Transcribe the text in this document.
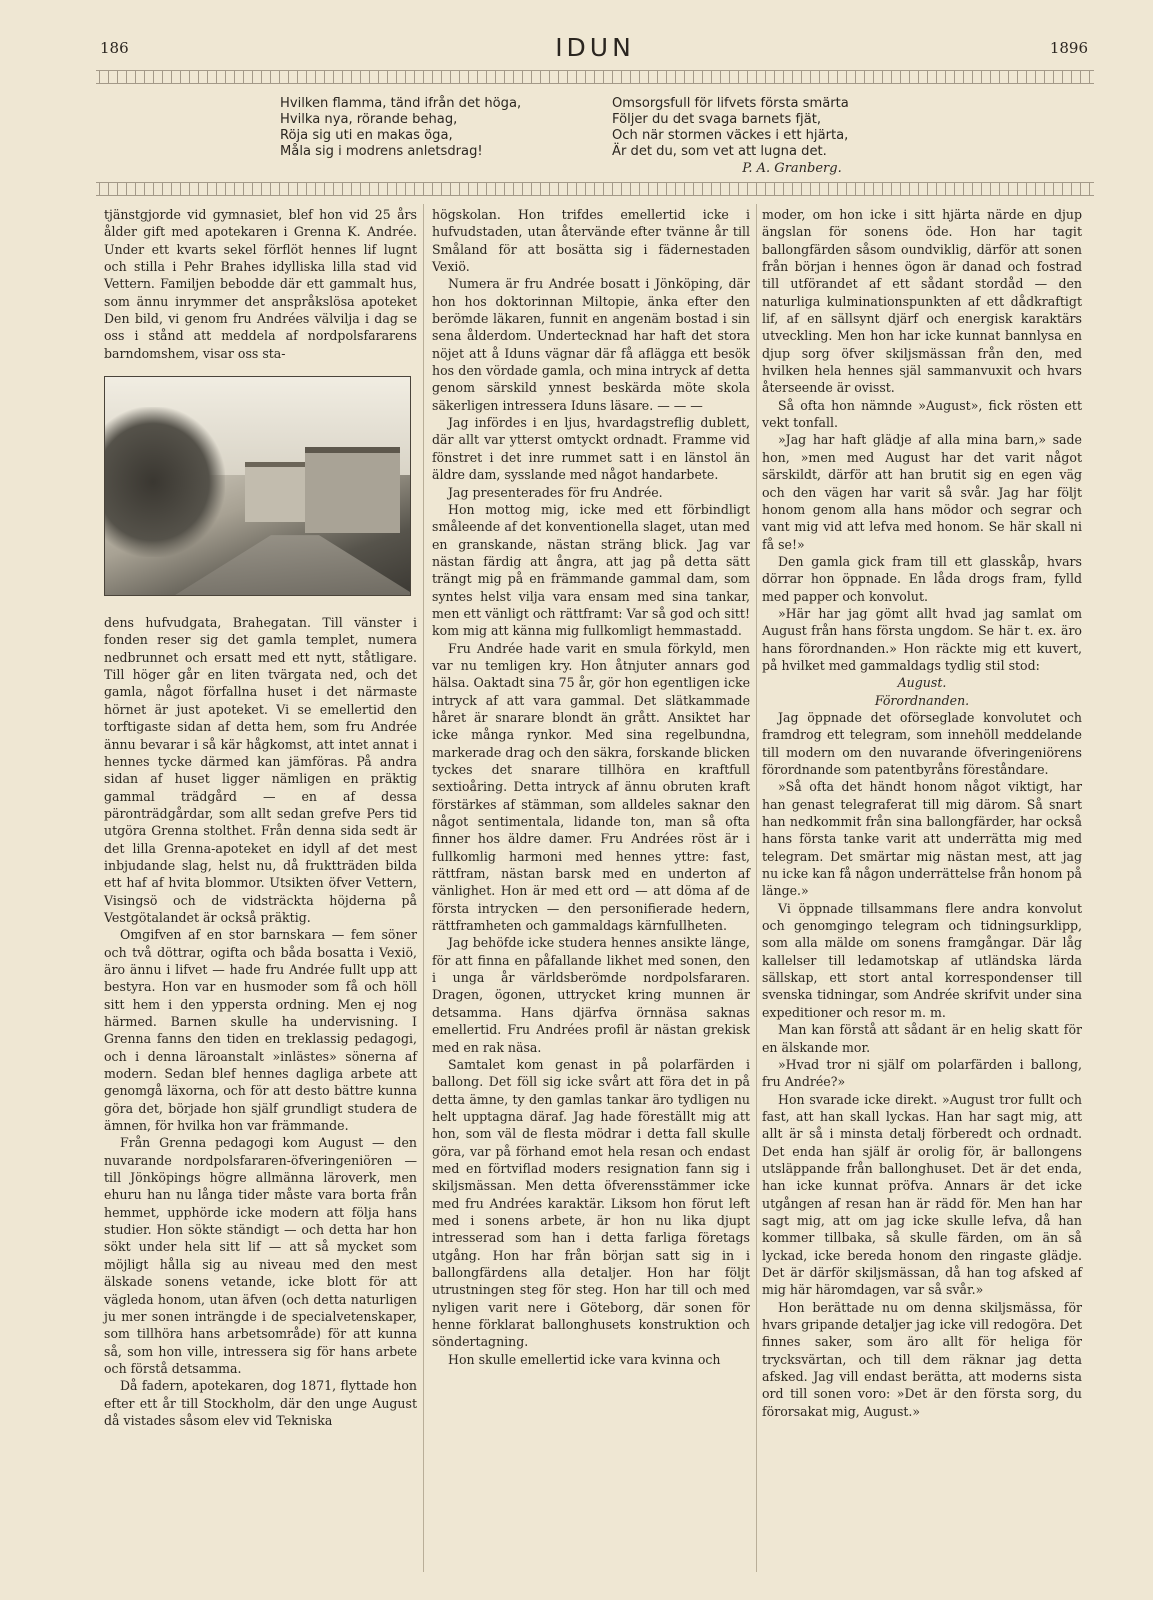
186	IDUN	1896
Hvilken flamma, tänd ifrån det höga,
Hvilka nya, rörande behag,
Röja sig uti en makas öga,
Måla sig i modrens anletsdrag!
Omsorgsfull för lifvets första smärta
Följer du det svaga barnets fjät,
Och när stormen väckes i ett hjärta,
Är det du, som vet att lugna det.
P. A. Granberg.

tjänstgjorde vid gymnasiet, blef hon vid 25 års ålder gift med apotekaren i Grenna K. Andrée. Under ett kvarts sekel förflöt hennes lif lugnt och stilla i Pehr Brahes idylliska lilla stad vid Vettern. Familjen bebodde där ett gammalt hus, som ännu inrymmer det anspråkslösa apoteket Den bild, vi genom fru Andrées välvilja i dag se oss i stånd att meddela af nordpolsfararens barndomshem, visar oss sta-

dens hufvudgata, Brahegatan. Till vänster i fonden reser sig det gamla templet, numera nedbrunnet och ersatt med ett nytt, ståtligare. Till höger går en liten tvärgata ned, och det gamla, något förfallna huset i det närmaste hörnet är just apoteket. Vi se emellertid den torftigaste sidan af detta hem, som fru Andrée ännu bevarar i så kär hågkomst, att intet annat i hennes tycke därmed kan jämföras. På andra sidan af huset ligger nämligen en präktig gammal trädgård — en af dessa päronträdgårdar, som allt sedan grefve Pers tid utgöra Grenna stolthet. Från denna sida sedt är det lilla Grenna-apoteket en idyll af det mest inbjudande slag, helst nu, då fruktträden bilda ett haf af hvita blommor. Utsikten öfver Vettern, Visingsö och de vidsträckta höjderna på Vestgötalandet är också präktig.

Omgifven af en stor barnskara — fem söner och två döttrar, ogifta och båda bosatta i Vexiö, äro ännu i lifvet — hade fru Andrée fullt upp att bestyra. Hon var en husmoder som få och höll sitt hem i den yppersta ordning. Men ej nog härmed. Barnen skulle ha undervisning. I Grenna fanns den tiden en treklassig pedagogi, och i denna läroanstalt »inlästes» sönerna af modern. Sedan blef hennes dagliga arbete att genomgå läxorna, och för att desto bättre kunna göra det, började hon själf grundligt studera de ämnen, för hvilka hon var främmande.

Från Grenna pedagogi kom August — den nuvarande nordpolsfararen-öfveringeniören — till Jönköpings högre allmänna läroverk, men ehuru han nu långa tider måste vara borta från hemmet, upphörde icke modern att följa hans studier. Hon sökte ständigt — och detta har hon sökt under hela sitt lif — att så mycket som möjligt hålla sig au niveau med den mest älskade sonens vetande, icke blott för att vägleda honom, utan äfven (och detta naturligen ju mer sonen inträngde i de specialvetenskaper, som tillhöra hans arbetsområde) för att kunna så, som hon ville, intressera sig för hans arbete och förstå detsamma.

Då fadern, apotekaren, dog 1871, flyttade hon efter ett år till Stockholm, där den unge August då vistades såsom elev vid Tekniska

högskolan. Hon trifdes emellertid icke i hufvudstaden, utan återvände efter tvänne år till Småland för att bosätta sig i fädernestaden Vexiö.

Numera är fru Andrée bosatt i Jönköping, där hon hos doktorinnan Miltopie, änka efter den berömde läkaren, funnit en angenäm bostad i sin sena ålderdom. Undertecknad har haft det stora nöjet att å Iduns vägnar där få aflägga ett besök hos den vördade gamla, och mina intryck af detta genom särskild ynnest beskärda möte skola säkerligen intressera Iduns läsare. — — —

Jag infördes i en ljus, hvardagstreflig dublett, där allt var ytterst omtyckt ordnadt. Framme vid fönstret i det inre rummet satt i en länstol än äldre dam, sysslande med något handarbete.

Jag presenterades för fru Andrée.

Hon mottog mig, icke med ett förbindligt småleende af det konventionella slaget, utan med en granskande, nästan sträng blick. Jag var nästan färdig att ångra, att jag på detta sätt trängt mig på en främmande gammal dam, som syntes helst vilja vara ensam med sina tankar, men ett vänligt och rättframt: Var så god och sitt! kom mig att känna mig fullkomligt hemmastadd.

Fru Andrée hade varit en smula förkyld, men var nu temligen kry. Hon åtnjuter annars god hälsa. Oaktadt sina 75 år, gör hon egentligen icke intryck af att vara gammal. Det slätkammade håret är snarare blondt än grått. Ansiktet har icke många rynkor. Med sina regelbundna, markerade drag och den säkra, forskande blicken tyckes det snarare tillhöra en kraftfull sextioåring. Detta intryck af ännu obruten kraft förstärkes af stämman, som alldeles saknar den något sentimentala, lidande ton, man så ofta finner hos äldre damer. Fru Andrées röst är i fullkomlig harmoni med hennes yttre: fast, rättfram, nästan barsk med en underton af vänlighet. Hon är med ett ord — att döma af de första intrycken — den personifierade hedern, rättframheten och gammaldags kärnfullheten.

Jag behöfde icke studera hennes ansikte länge, för att finna en påfallande likhet med sonen, den i unga år världsberömde nordpolsfararen. Dragen, ögonen, uttrycket kring munnen är detsamma. Hans djärfva örnnäsa saknas emellertid. Fru Andrées profil är nästan grekisk med en rak näsa.

Samtalet kom genast in på polarfärden i ballong. Det föll sig icke svårt att föra det in på detta ämne, ty den gamlas tankar äro tydligen nu helt upptagna däraf. Jag hade föreställt mig att hon, som väl de flesta mödrar i detta fall skulle göra, var på förhand emot hela resan och endast med en förtviflad moders resignation fann sig i skiljsmässan. Men detta öfverensstämmer icke med fru Andrées karaktär. Liksom hon förut left med i sonens arbete, är hon nu lika djupt intresserad som han i detta farliga företags utgång. Hon har från början satt sig in i ballongfärdens alla detaljer. Hon har följt utrustningen steg för steg. Hon har till och med nyligen varit nere i Göteborg, där sonen för henne förklarat ballonghusets konstruktion och söndertagning.

Hon skulle emellertid icke vara kvinna och

moder, om hon icke i sitt hjärta närde en djup ängslan för sonens öde. Hon har tagit ballongfärden såsom oundviklig, därför att sonen från början i hennes ögon är danad och fostrad till utförandet af ett sådant stordåd — den naturliga kulminationspunkten af ett dådkraftigt lif, af en sällsynt djärf och energisk karaktärs utveckling. Men hon har icke kunnat bannlysa en djup sorg öfver skiljsmässan från den, med hvilken hela hennes själ sammanvuxit och hvars återseende är ovisst.

Så ofta hon nämnde »August», fick rösten ett vekt tonfall.

»Jag har haft glädje af alla mina barn,» sade hon, »men med August har det varit något särskildt, därför att han brutit sig en egen väg och den vägen har varit så svår. Jag har följt honom genom alla hans mödor och segrar och vant mig vid att lefva med honom. Se här skall ni få se!»

Den gamla gick fram till ett glasskåp, hvars dörrar hon öppnade. En låda drogs fram, fylld med papper och konvolut.

»Här har jag gömt allt hvad jag samlat om August från hans första ungdom. Se här t. ex. äro hans förordnanden.» Hon räckte mig ett kuvert, på hvilket med gammaldags tydlig stil stod:

August.

Förordnanden.

Jag öppnade det oförseglade konvolutet och framdrog ett telegram, som innehöll meddelande till modern om den nuvarande öfveringeniörens förordnande som patentbyråns föreståndare.

»Så ofta det händt honom något viktigt, har han genast telegraferat till mig därom. Så snart han nedkommit från sina ballongfärder, har också hans första tanke varit att underrätta mig med telegram. Det smärtar mig nästan mest, att jag nu icke kan få någon underrättelse från honom på länge.»

Vi öppnade tillsammans flere andra konvolut och genomgingo telegram och tidningsurklipp, som alla mälde om sonens framgångar. Där låg kallelser till ledamotskap af utländska lärda sällskap, ett stort antal korrespondenser till svenska tidningar, som Andrée skrifvit under sina expeditioner och resor m. m.

Man kan förstå att sådant är en helig skatt för en älskande mor.

»Hvad tror ni själf om polarfärden i ballong, fru Andrée?»

Hon svarade icke direkt. »August tror fullt och fast, att han skall lyckas. Han har sagt mig, att allt är så i minsta detalj förberedt och ordnadt. Det enda han själf är orolig för, är ballongens utsläppande från ballonghuset. Det är det enda, han icke kunnat pröfva. Annars är det icke utgången af resan han är rädd för. Men han har sagt mig, att om jag icke skulle lefva, då han kommer tillbaka, så skulle färden, om än så lyckad, icke bereda honom den ringaste glädje. Det är därför skiljsmässan, då han tog afsked af mig här häromdagen, var så svår.»

Hon berättade nu om denna skiljsmässa, för hvars gripande detaljer jag icke vill redogöra. Det finnes saker, som äro allt för heliga för trycksvärtan, och till dem räknar jag detta afsked. Jag vill endast berätta, att moderns sista ord till sonen voro: »Det är den första sorg, du förorsakat mig, August.»
